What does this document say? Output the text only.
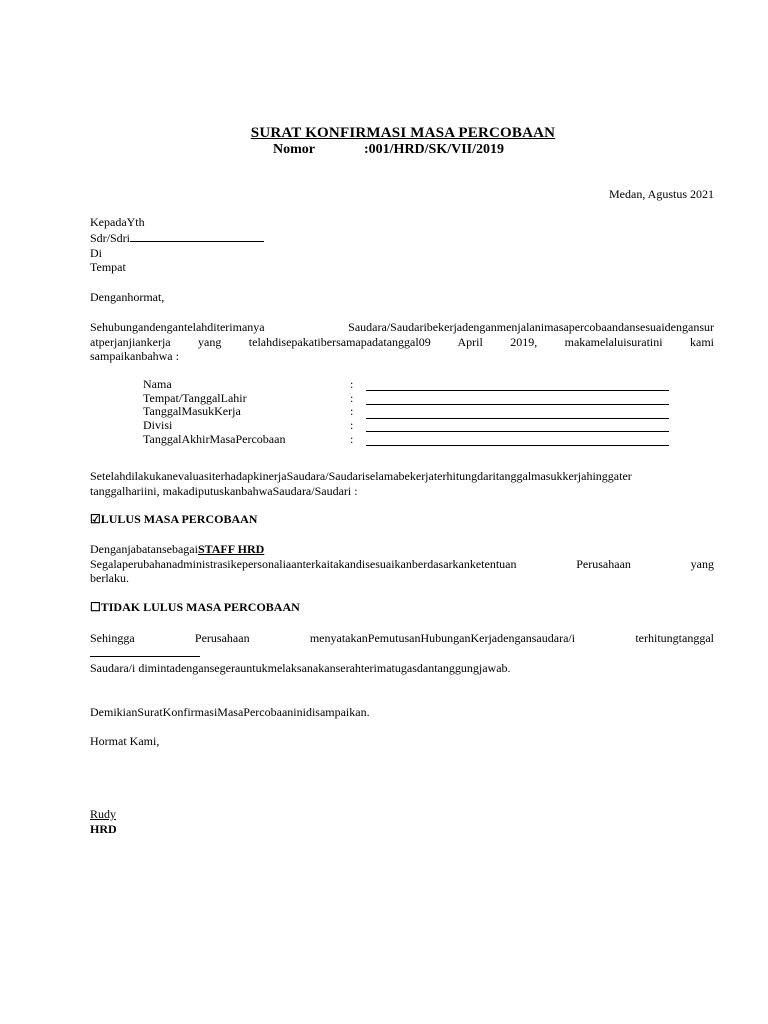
SURAT KONFIRMASI MASA PERCOBAAN
Nomor	:001/HRD/SK/VII/2019
Medan, Agustus 2021
KepadaYth
Sdr/Sdri
Di
Tempat
Denganhormat,
Sehubungandengantelahditerimanya Saudara/Saudaribekerjadenganmenjalanimasapercobaandansesuaidengansur
atperjanjiankerja yang telahdisepakatibersamapadatanggal09 April 2019, makamelaluisuratini kami
sampaikanbahwa :
Nama	:
Tempat/TanggalLahir	:
TanggalMasukKerja	:
Divisi	:
TanggalAkhirMasaPercobaan	:
SetelahdilakukanevaluasiterhadapkinerjaSaudara/Saudariselamabekerjaterhitungdaritanggalmasukkerjahinggater
tanggalhariini, makadiputuskanbahwaSaudara/Saudari :
☑LULUS MASA PERCOBAAN
DenganjabatansebagaiSTAFF HRD
Segalaperubahanadministrasikepersonaliaanterkaitakandisesuaikanberdasarkanketentuan Perusahaan yang
berlaku.
☐TIDAK LULUS MASA PERCOBAAN
Sehingga Perusahaan menyatakanPemutusanHubunganKerjadengansaudara/i terhitungtanggal
Saudara/i dimintadengansegerauntukmelaksanakanserahterimatugasdantanggungjawab.
DemikianSuratKonfirmasiMasaPercobaaninidisampaikan.
Hormat Kami,
Rudy
HRD
